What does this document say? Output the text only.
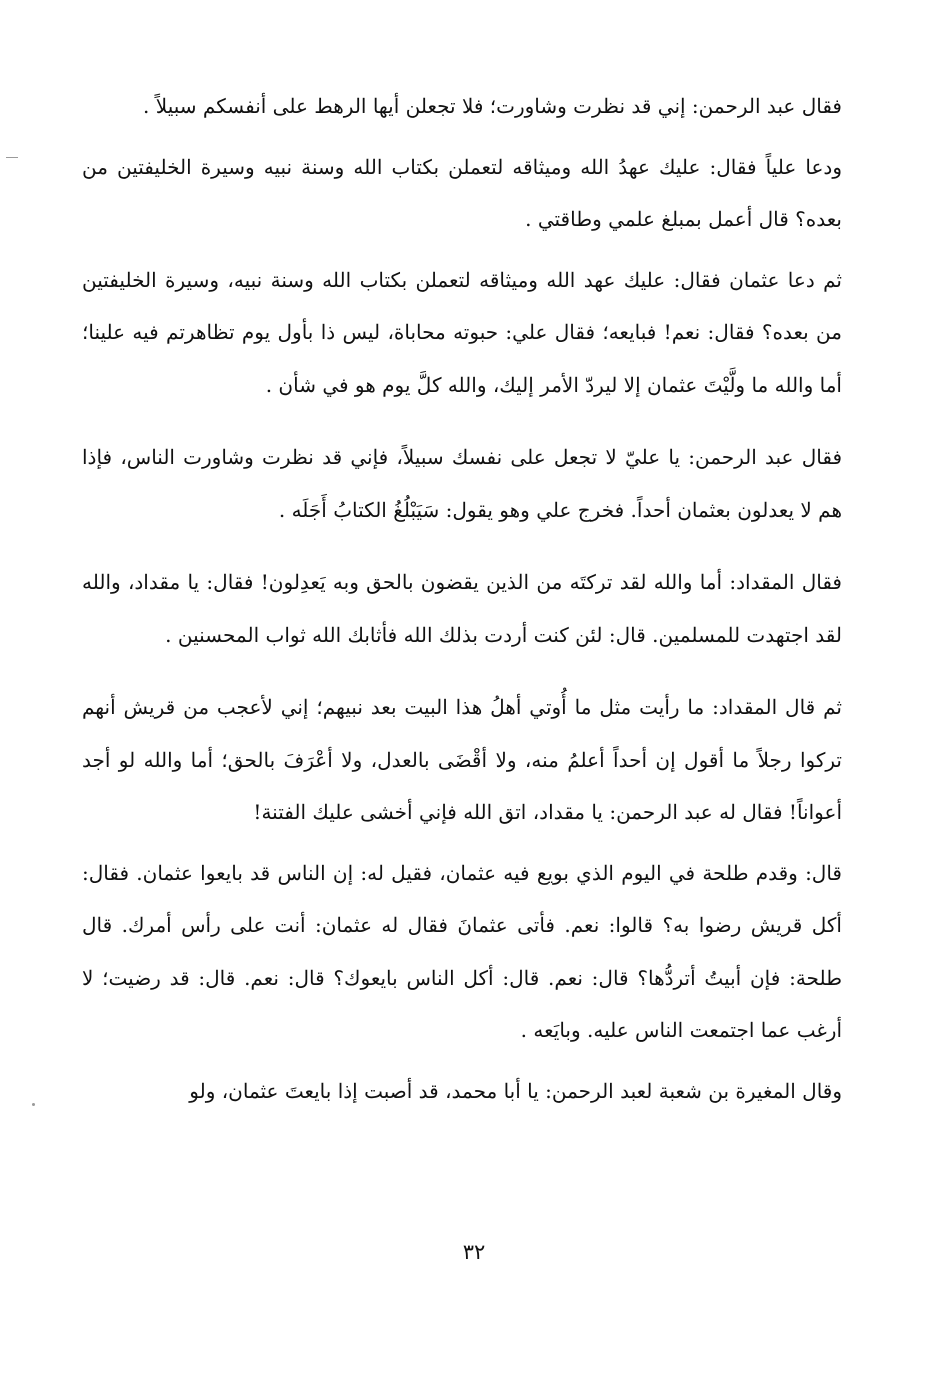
فقال عبد الرحمن: إني قد نظرت وشاورت؛ فلا تجعلن أيها الرهط على أنفسكم سبيلاً .

ودعا علياً فقال: عليك عهدُ الله وميثاقه لتعملن بكتاب الله وسنة نبيه وسيرة الخليفتين من بعده؟ قال أعمل بمبلغ علمي وطاقتي .

ثم دعا عثمان فقال: عليك عهد الله وميثاقه لتعملن بكتاب الله وسنة نبيه، وسيرة الخليفتين من بعده؟ فقال: نعم! فبايعه؛ فقال علي: حبوته محاباة، ليس ذا بأول يوم تظاهرتم فيه علينا؛ أما والله ما ولَّيْتَ عثمان إلا ليردّ الأمر إليك، والله كلَّ يوم هو في شأن .

فقال عبد الرحمن: يا عليّ لا تجعل على نفسك سبيلاً، فإني قد نظرت وشاورت الناس، فإذا هم لا يعدلون بعثمان أحداً. فخرج علي وهو يقول: سَيَبْلُغُ الكتابُ أَجَلَه .

فقال المقداد: أما والله لقد تركتَه من الذين يقضون بالحق وبه يَعدِلون! فقال: يا مقداد، والله لقد اجتهدت للمسلمين. قال: لئن كنت أردت بذلك الله فأثابك الله ثواب المحسنين .

ثم قال المقداد: ما رأيت مثل ما أُوتي أهلُ هذا البيت بعد نبيهم؛ إني لأعجب من قريش أنهم تركوا رجلاً ما أقول إن أحداً أعلمُ منه، ولا أقْضَى بالعدل، ولا أعْرَفَ بالحق؛ أما والله لو أجد أعواناً! فقال له عبد الرحمن: يا مقداد، اتق الله فإني أخشى عليك الفتنة!

قال: وقدم طلحة في اليوم الذي بويع فيه عثمان، فقيل له: إن الناس قد بايعوا عثمان. فقال: أكل قريش رضوا به؟ قالوا: نعم. فأتى عثمانَ فقال له عثمان: أنت على رأس أمرك. قال طلحة: فإن أبيتُ أتردُّها؟ قال: نعم. قال: أكل الناس بايعوك؟ قال: نعم. قال: قد رضيت؛ لا أرغب عما اجتمعت الناس عليه. وبايَعه .

وقال المغيرة بن شعبة لعبد الرحمن: يا أبا محمد، قد أصبت إذا بايعتَ عثمان، ولو

٣٢
